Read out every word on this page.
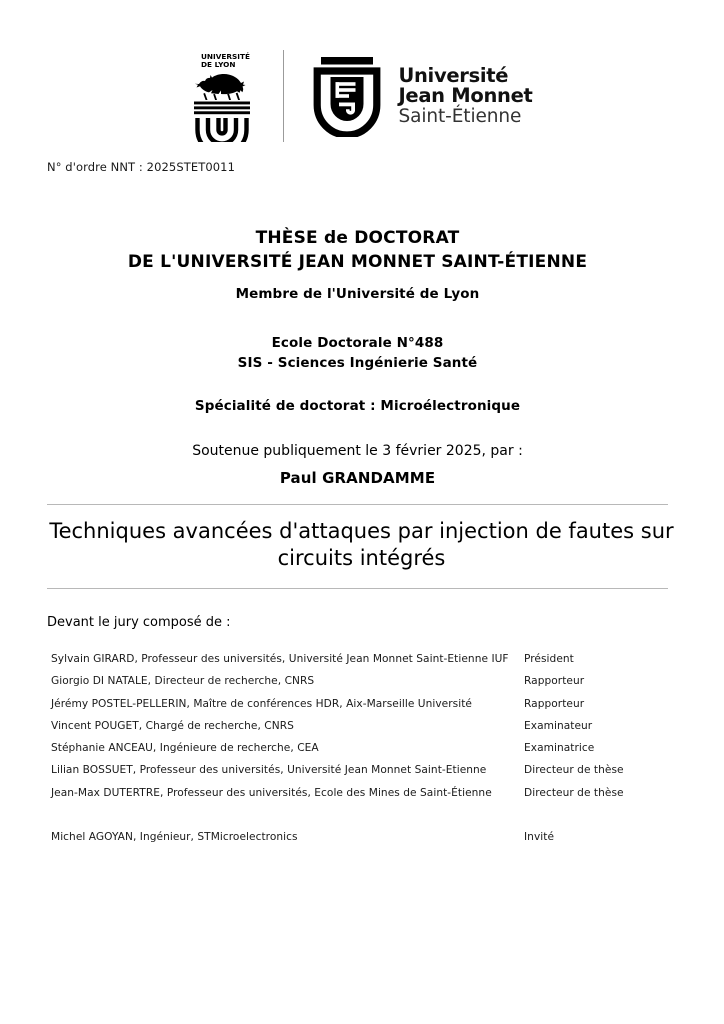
UNIVERSITÉ
DE LYON	Université
Jean Monnet
Saint-Étienne
N° d'ordre NNT : 2025STET0011
THÈSE de DOCTORAT
DE L'UNIVERSITÉ JEAN MONNET SAINT-ÉTIENNE
Membre de l'Université de Lyon
Ecole Doctorale N°488
SIS - Sciences Ingénierie Santé
Spécialité de doctorat : Microélectronique
Soutenue publiquement le 3 février 2025, par :
Paul GRANDAMME
Techniques avancées d'attaques par injection de fautes sur circuits intégrés
Devant le jury composé de :
Sylvain GIRARD, Professeur des universités, Université Jean Monnet Saint-Etienne IUF	Président
Giorgio DI NATALE, Directeur de recherche, CNRS	Rapporteur
Jérémy POSTEL-PELLERIN, Maître de conférences HDR, Aix-Marseille Université	Rapporteur
Vincent POUGET, Chargé de recherche, CNRS	Examinateur
Stéphanie ANCEAU, Ingénieure de recherche, CEA	Examinatrice
Lilian BOSSUET, Professeur des universités, Université Jean Monnet Saint-Etienne	Directeur de thèse
Jean-Max DUTERTRE, Professeur des universités, Ecole des Mines de Saint-Étienne	Directeur de thèse
Michel AGOYAN, Ingénieur, STMicroelectronics	Invité
